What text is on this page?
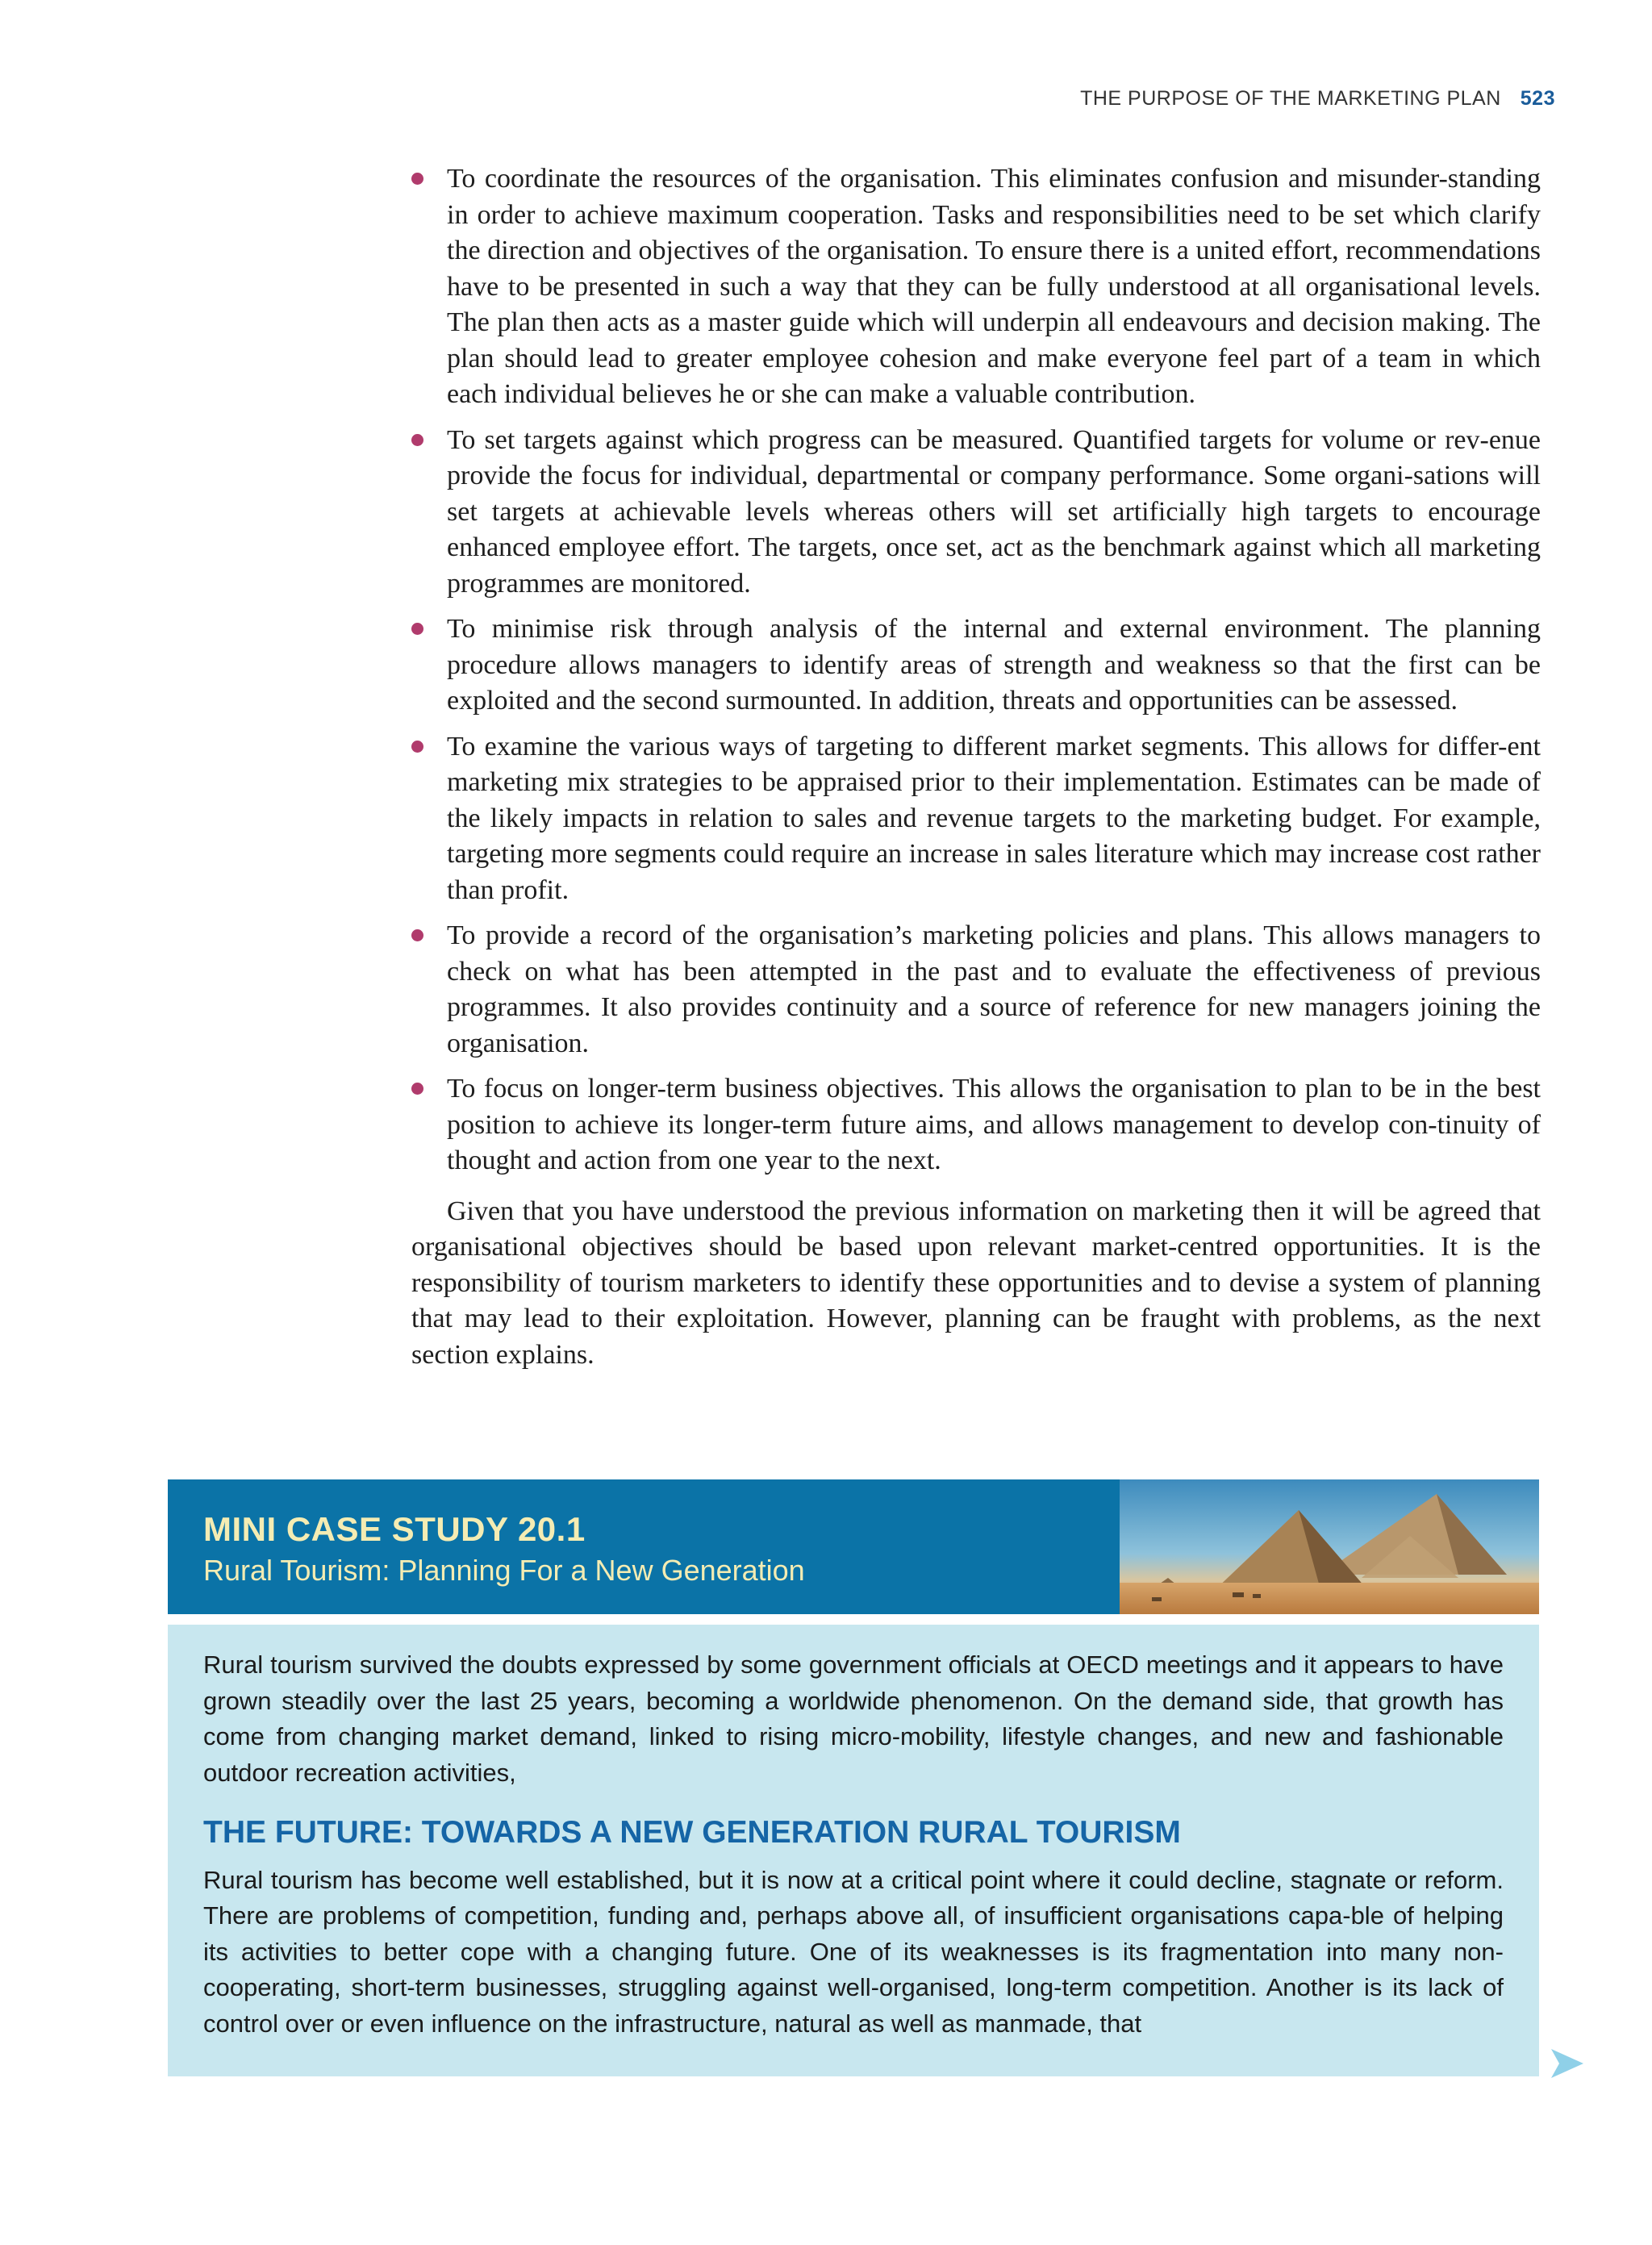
THE PURPOSE OF THE MARKETING PLAN 523
To coordinate the resources of the organisation. This eliminates confusion and misunder-standing in order to achieve maximum cooperation. Tasks and responsibilities need to be set which clarify the direction and objectives of the organisation. To ensure there is a united effort, recommendations have to be presented in such a way that they can be fully understood at all organisational levels. The plan then acts as a master guide which will underpin all endeavours and decision making. The plan should lead to greater employee cohesion and make everyone feel part of a team in which each individual believes he or she can make a valuable contribution.
To set targets against which progress can be measured. Quantified targets for volume or rev-enue provide the focus for individual, departmental or company performance. Some organi-sations will set targets at achievable levels whereas others will set artificially high targets to encourage enhanced employee effort. The targets, once set, act as the benchmark against which all marketing programmes are monitored.
To minimise risk through analysis of the internal and external environment. The planning procedure allows managers to identify areas of strength and weakness so that the first can be exploited and the second surmounted. In addition, threats and opportunities can be assessed.
To examine the various ways of targeting to different market segments. This allows for differ-ent marketing mix strategies to be appraised prior to their implementation. Estimates can be made of the likely impacts in relation to sales and revenue targets to the marketing budget. For example, targeting more segments could require an increase in sales literature which may increase cost rather than profit.
To provide a record of the organisation’s marketing policies and plans. This allows managers to check on what has been attempted in the past and to evaluate the effectiveness of previous programmes. It also provides continuity and a source of reference for new managers joining the organisation.
To focus on longer-term business objectives. This allows the organisation to plan to be in the best position to achieve its longer-term future aims, and allows management to develop con-tinuity of thought and action from one year to the next.

Given that you have understood the previous information on marketing then it will be agreed that organisational objectives should be based upon relevant market-centred opportunities. It is the responsibility of tourism marketers to identify these opportunities and to devise a system of planning that may lead to their exploitation. However, planning can be fraught with problems, as the next section explains.

MINI CASE STUDY 20.1
Rural Tourism: Planning For a New Generation

Rural tourism survived the doubts expressed by some government officials at OECD meetings and it appears to have grown steadily over the last 25 years, becoming a worldwide phenomenon. On the demand side, that growth has come from changing market demand, linked to rising micro-mobility, lifestyle changes, and new and fashionable outdoor recreation activities,

THE FUTURE: TOWARDS A NEW GENERATION RURAL TOURISM

Rural tourism has become well established, but it is now at a critical point where it could decline, stagnate or reform. There are problems of competition, funding and, perhaps above all, of insufficient organisations capa-ble of helping its activities to better cope with a changing future. One of its weaknesses is its fragmentation into many non-cooperating, short-term businesses, struggling against well-organised, long-term competition. Another is its lack of control over or even influence on the infrastructure, natural as well as manmade, that
